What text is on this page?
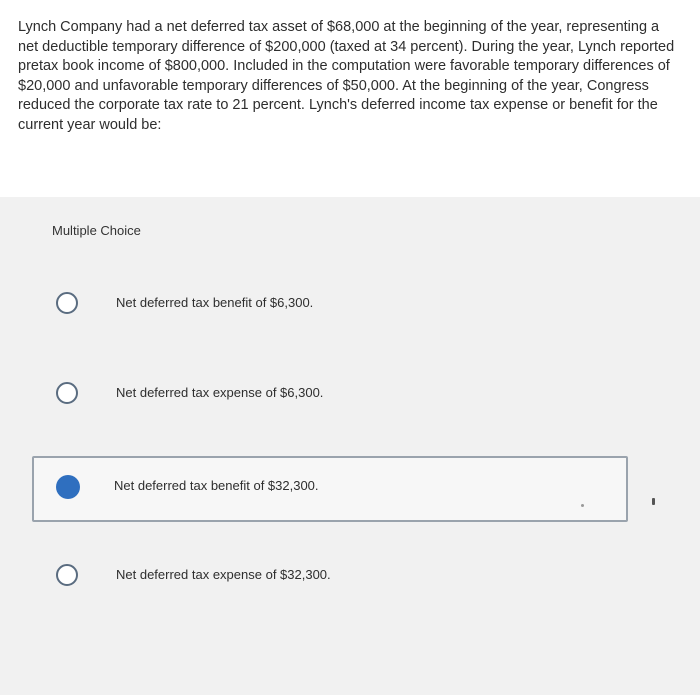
Lynch Company had a net deferred tax asset of $68,000 at the beginning of the year, representing a net deductible temporary difference of $200,000 (taxed at 34 percent). During the year, Lynch reported pretax book income of $800,000. Included in the computation were favorable temporary differences of $20,000 and unfavorable temporary differences of $50,000. At the beginning of the year, Congress reduced the corporate tax rate to 21 percent. Lynch's deferred income tax expense or benefit for the current year would be:
Multiple Choice
Net deferred tax benefit of $6,300.
Net deferred tax expense of $6,300.
Net deferred tax benefit of $32,300.
Net deferred tax expense of $32,300.
